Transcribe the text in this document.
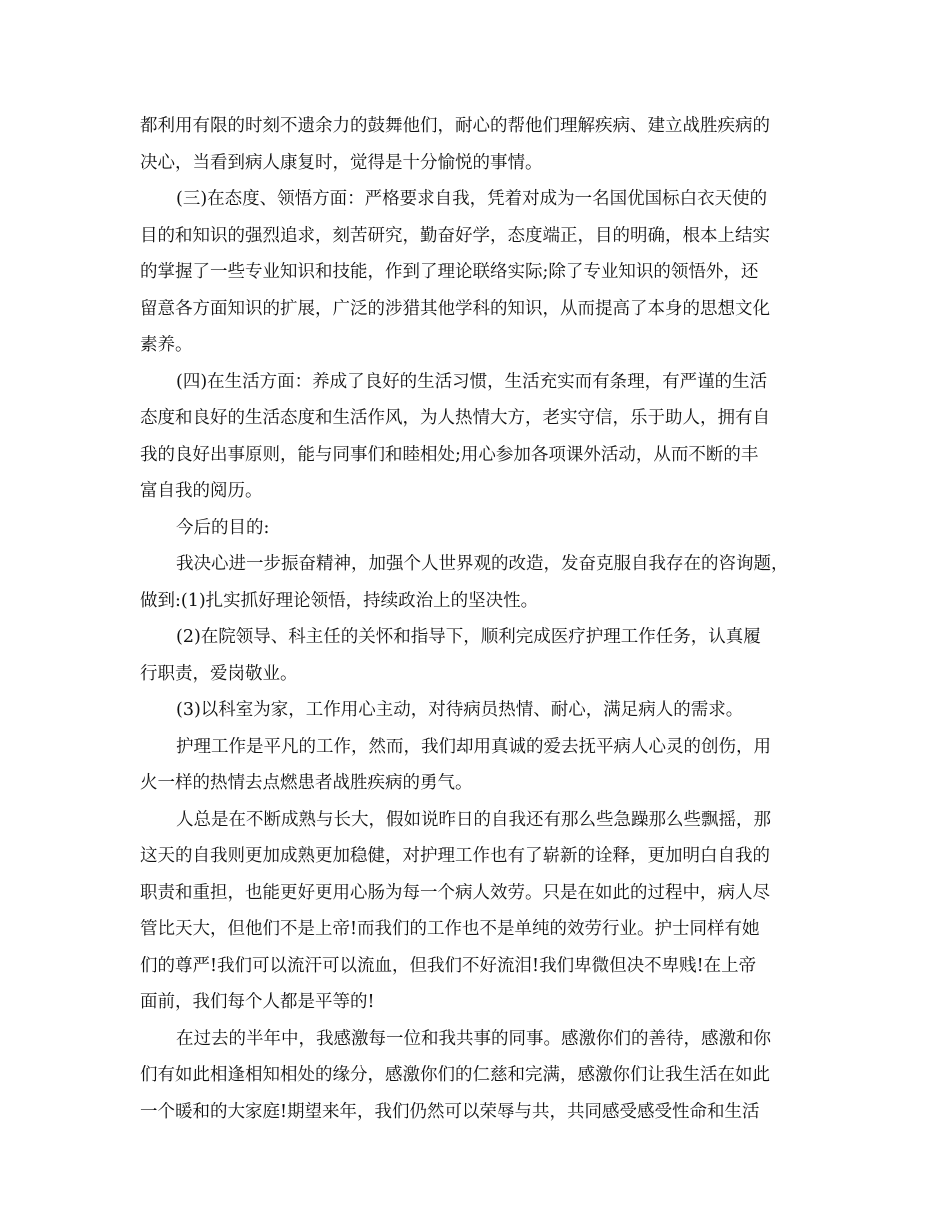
都利用有限的时刻不遗余力的鼓舞他们，耐心的帮他们理解疾病、建立战胜疾病的
决心，当看到病人康复时，觉得是十分愉悦的事情。
(三)在态度、领悟方面：严格要求自我，凭着对成为一名国优国标白衣天使的
目的和知识的强烈追求，刻苦研究，勤奋好学，态度端正，目的明确，根本上结实
的掌握了一些专业知识和技能，作到了理论联络实际;除了专业知识的领悟外，还
留意各方面知识的扩展，广泛的涉猎其他学科的知识，从而提高了本身的思想文化
素养。
(四)在生活方面：养成了良好的生活习惯，生活充实而有条理，有严谨的生活
态度和良好的生活态度和生活作风，为人热情大方，老实守信，乐于助人，拥有自
我的良好出事原则，能与同事们和睦相处;用心参加各项课外活动，从而不断的丰
富自我的阅历。
今后的目的:
我决心进一步振奋精神，加强个人世界观的改造，发奋克服自我存在的咨询题，
做到:(1)扎实抓好理论领悟，持续政治上的坚决性。
(2)在院领导、科主任的关怀和指导下，顺利完成医疗护理工作任务，认真履
行职责，爱岗敬业。
(3)以科室为家，工作用心主动，对待病员热情、耐心，满足病人的需求。
护理工作是平凡的工作，然而，我们却用真诚的爱去抚平病人心灵的创伤，用
火一样的热情去点燃患者战胜疾病的勇气。
人总是在不断成熟与长大，假如说昨日的自我还有那么些急躁那么些飘摇，那
这天的自我则更加成熟更加稳健，对护理工作也有了崭新的诠释，更加明白自我的
职责和重担，也能更好更用心肠为每一个病人效劳。只是在如此的过程中，病人尽
管比天大，但他们不是上帝!而我们的工作也不是单纯的效劳行业。护士同样有她
们的尊严!我们可以流汗可以流血，但我们不好流泪!我们卑微但决不卑贱!在上帝
面前，我们每个人都是平等的!
在过去的半年中，我感激每一位和我共事的同事。感激你们的善待，感激和你
们有如此相逢相知相处的缘分，感激你们的仁慈和完满，感激你们让我生活在如此
一个暖和的大家庭!期望来年，我们仍然可以荣辱与共，共同感受感受性命和生活
